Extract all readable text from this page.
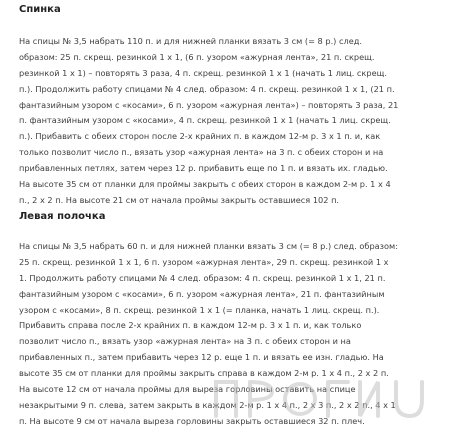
Спинка
На спицы № 3,5 набрать 110 п. и для нижней планки вязать 3 см (= 8 р.) след.
образом: 25 п. скрещ. резинкой 1 х 1, (6 п. узором «ажурная лента», 21 п. скрещ.
резинкой 1 х 1) – повторять 3 раза, 4 п. скрещ. резинкой 1 х 1 (начать 1 лиц. скрещ.
п.). Продолжить работу спицами № 4 след. образом: 4 п. скрещ. резинкой 1 х 1, (21 п.
фантазийным узором с «косами», 6 п. узором «ажурная лента») – повторять 3 раза, 21
п. фантазийным узором с «косами», 4 п. скрещ. резинкой 1 х 1 (начать 1 лиц. скрещ.
п.). Прибавить с обеих сторон после 2-х крайних п. в каждом 12-м р. 3 х 1 п. и, как
только позволит число п., вязать узор «ажурная лента» на 3 п. с обеих сторон и на
прибавленных петлях, затем через 12 р. прибавить еще по 1 п. и вязать их. гладью.
На высоте 35 см от планки для проймы закрыть с обеих сторон в каждом 2-м р. 1 х 4
п., 2 х 2 п. На высоте 21 см от начала проймы закрыть оставшиеся 102 п.
Левая полочка
На спицы № 3,5 набрать 60 п. и для нижней планки вязать 3 см (= 8 р.) след. образом:
25 п. скрещ. резинкой 1 х 1, 6 п. узором «ажурная лента», 29 п. скрещ. резинкой 1 х
1. Продолжить работу спицами № 4 след. образом: 4 п. скрещ. резинкой 1 х 1, 21 п.
фантазийным узором с «косами», 6 п. узором «ажурная лента», 21 п. фантазийным
узором с «косами», 8 п. скрещ. резинкой 1 х 1 (= планка, начать 1 лиц. скрещ. п.).
Прибавить справа после 2-х крайних п. в каждом 12-м р. 3 х 1 п. и, как только
позволит число п., вязать узор «ажурная лента» на 3 п. с обеих сторон и на
прибавленных п., затем прибавить через 12 р. еще 1 п. и вязать ее изн. гладью. На
высоте 35 см от планки для проймы закрыть справа в каждом 2-м р. 1 х 4 п., 2 х 2 п.
На высоте 12 см от начала проймы для выреза горловины оставить на спице
незакрытыми 9 п. слева, затем закрыть в каждом 2-м р. 1 х 4 п., 2 х 3 п., 2 х 2 п., 4 х 1
п. На высоте 9 см от начала выреза горловины закрыть оставшиеся 32 п. плеч.
